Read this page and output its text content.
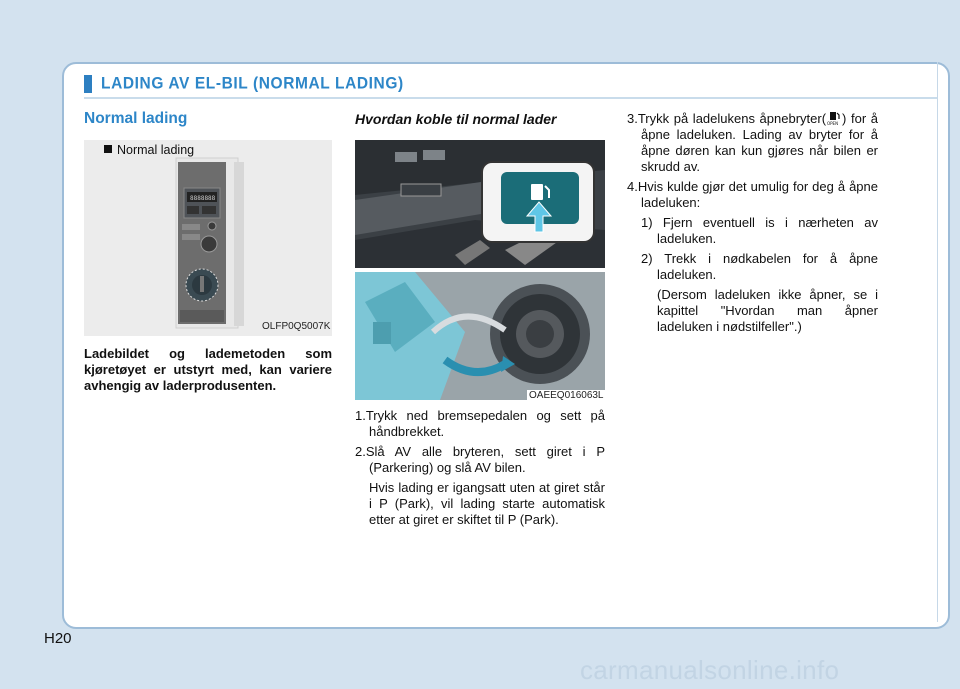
LADING AV EL-BIL (NORMAL LADING)
Normal lading
Normal lading
8888888
OLFP0Q5007K
Ladebildet og lademetoden som kjøretøyet er utstyrt med, kan variere avhengig av laderprodusenten.
Hvordan koble til normal lader
OAEEQ016063L

1.Trykk ned bremsepedalen og sett på håndbrekket.

2.Slå AV alle bryteren, sett giret i P (Parkering) og slå AV bilen.

Hvis lading er igangsatt uten at giret står i P (Park), vil lading starte automatisk etter at giret er skiftet til P (Park).

3.Trykk på ladelukens åpnebryter( OPEN ) for å åpne ladeluken. Lading av bryter for å åpne døren kan kun gjøres når bilen er skrudd av.

4.Hvis kulde gjør det umulig for deg å åpne ladeluken:

1) Fjern eventuell is i nærheten av ladeluken.

2) Trekk i nødkabelen for å åpne ladeluken.

(Dersom ladeluken ikke åpner, se i kapittel "Hvordan man åpner ladeluken i nødstilfeller".)

H20
carmanualsonline.info
